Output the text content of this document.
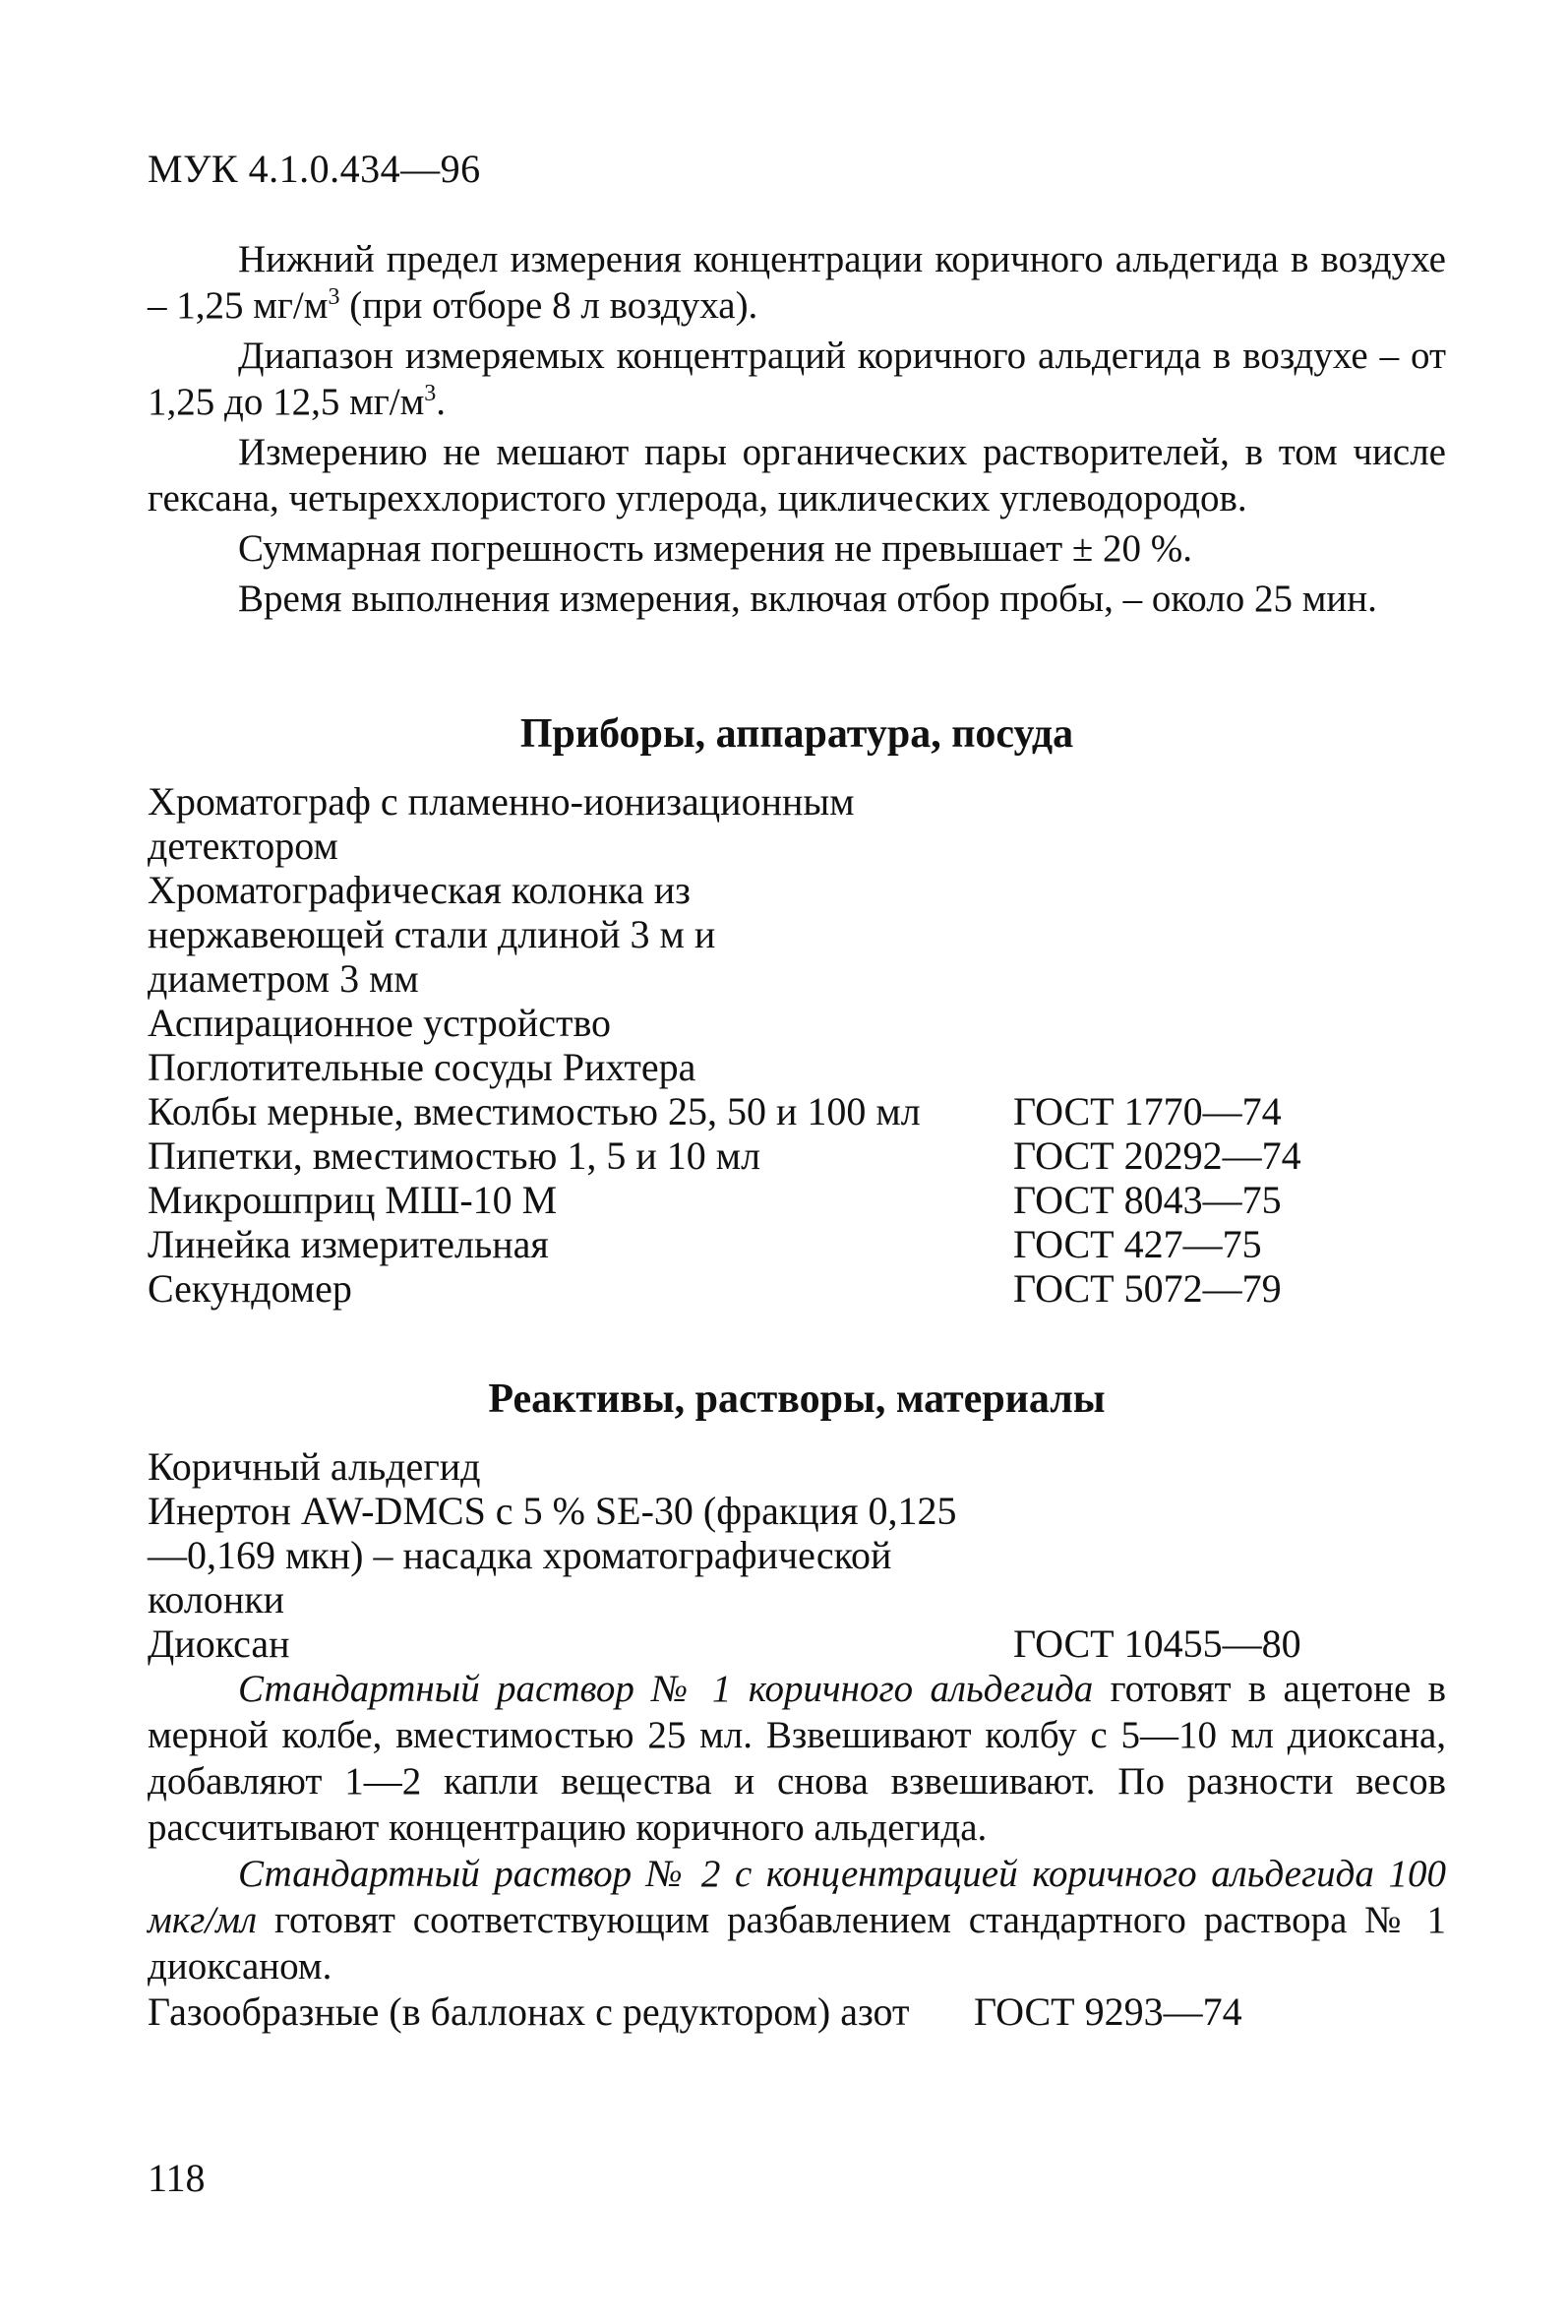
МУК 4.1.0.434—96

Нижний предел измерения концентрации коричного альдегида в воздухе – 1,25 $мг/м^3$ (при отборе 8 л воздуха).

Диапазон измеряемых концентраций коричного альдегида в воздухе – от 1,25 до 12,5 $мг/м^3$.

Измерению не мешают пары органических растворителей, в том числе гексана, четыреххлористого углерода, циклических углеводородов.

Суммарная погрешность измерения не превышает ± 20 %.

Время выполнения измерения, включая отбор пробы, – около 25 мин.

Приборы, аппаратура, посуда
Хроматограф с пламенно-ионизационным детектором
Хроматографическая колонка из нержавеющей стали длиной 3 м и диаметром 3 мм
Аспирационное устройство
Поглотительные сосуды Рихтера
Колбы мерные, вместимостью 25, 50 и 100 мл	ГОСТ 1770—74
Пипетки, вместимостью 1, 5 и 10 мл	ГОСТ 20292—74
Микрошприц МШ-10 М	ГОСТ 8043—75
Линейка измерительная	ГОСТ 427—75
Секундомер	ГОСТ 5072—79
Реактивы, растворы, материалы
Коричный альдегид
Инертон AW-DMCS с 5 % SE-30 (фракция 0,125—0,169 мкн) – насадка хроматографической колонки
Диоксан	ГОСТ 10455—80

Стандартный раствор № 1 коричного альдегида готовят в ацетоне в мерной колбе, вместимостью 25 мл. Взвешивают колбу с 5—10 мл диоксана, добавляют 1—2 капли вещества и снова взвешивают. По разности весов рассчитывают концентрацию коричного альдегида.

Стандартный раствор № 2 с концентрацией коричного альдегида 100 мкг/мл готовят соответствующим разбавлением стандартного раствора № 1 диоксаном.

Газообразные (в баллонах с редуктором) азот	ГОСТ 9293—74
118
